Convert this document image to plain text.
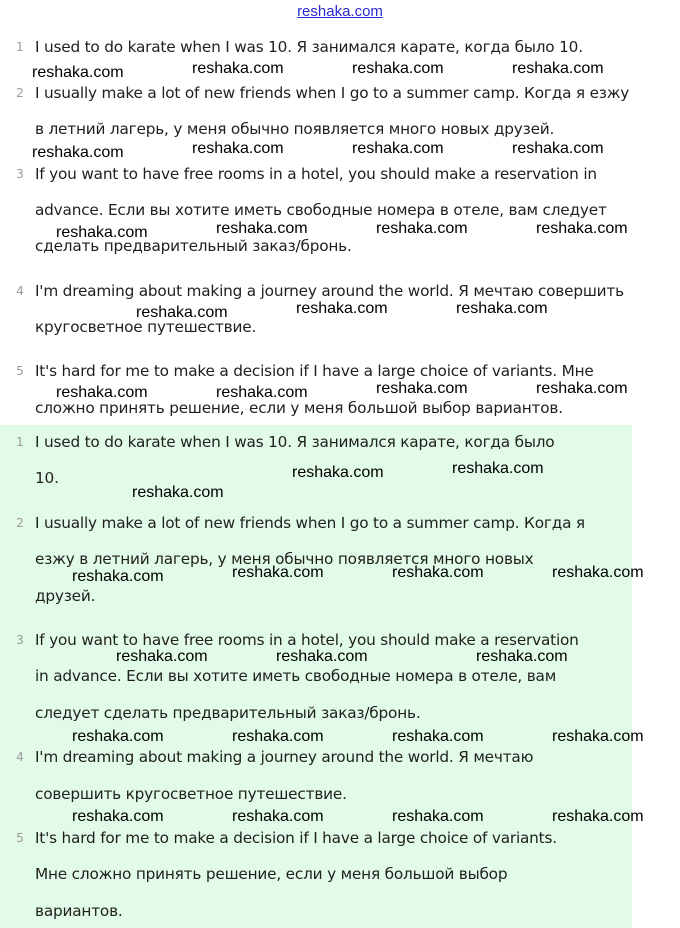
reshaka.com
1 I used to do karate when I was 10. Я занимался карате, когда было 10.
2 I usually make a lot of new friends when I go to a summer camp. Когда я езжу
в летний лагерь, у меня обычно появляется много новых друзей.
3 If you want to have free rooms in a hotel, you should make a reservation in
advance. Если вы хотите иметь свободные номера в отеле, вам следует
сделать предварительный заказ/бронь.
4 I'm dreaming about making a journey around the world. Я мечтаю совершить
кругосветное путешествие.
5 It's hard for me to make a decision if I have a large choice of variants. Мне
сложно принять решение, если у меня большой выбор вариантов.
1 I used to do karate when I was 10. Я занимался карате, когда было
10.
2 I usually make a lot of new friends when I go to a summer camp. Когда я
езжу в летний лагерь, у меня обычно появляется много новых
друзей.
3 If you want to have free rooms in a hotel, you should make a reservation
in advance. Если вы хотите иметь свободные номера в отеле, вам
следует сделать предварительный заказ/бронь.
4 I'm dreaming about making a journey around the world. Я мечтаю
совершить кругосветное путешествие.
5 It's hard for me to make a decision if I have a large choice of variants.
Мне сложно принять решение, если у меня большой выбор
вариантов.
reshaka.com	reshaka.com	reshaka.com	reshaka.com
reshaka.com	reshaka.com	reshaka.com	reshaka.com
reshaka.com	reshaka.com	reshaka.com	reshaka.com
reshaka.com	reshaka.com	reshaka.com
reshaka.com	reshaka.com	reshaka.com	reshaka.com
reshaka.com	reshaka.com
reshaka.com
reshaka.com	reshaka.com	reshaka.com	reshaka.com
reshaka.com	reshaka.com	reshaka.com
reshaka.com	reshaka.com	reshaka.com	reshaka.com
reshaka.com	reshaka.com	reshaka.com	reshaka.com
